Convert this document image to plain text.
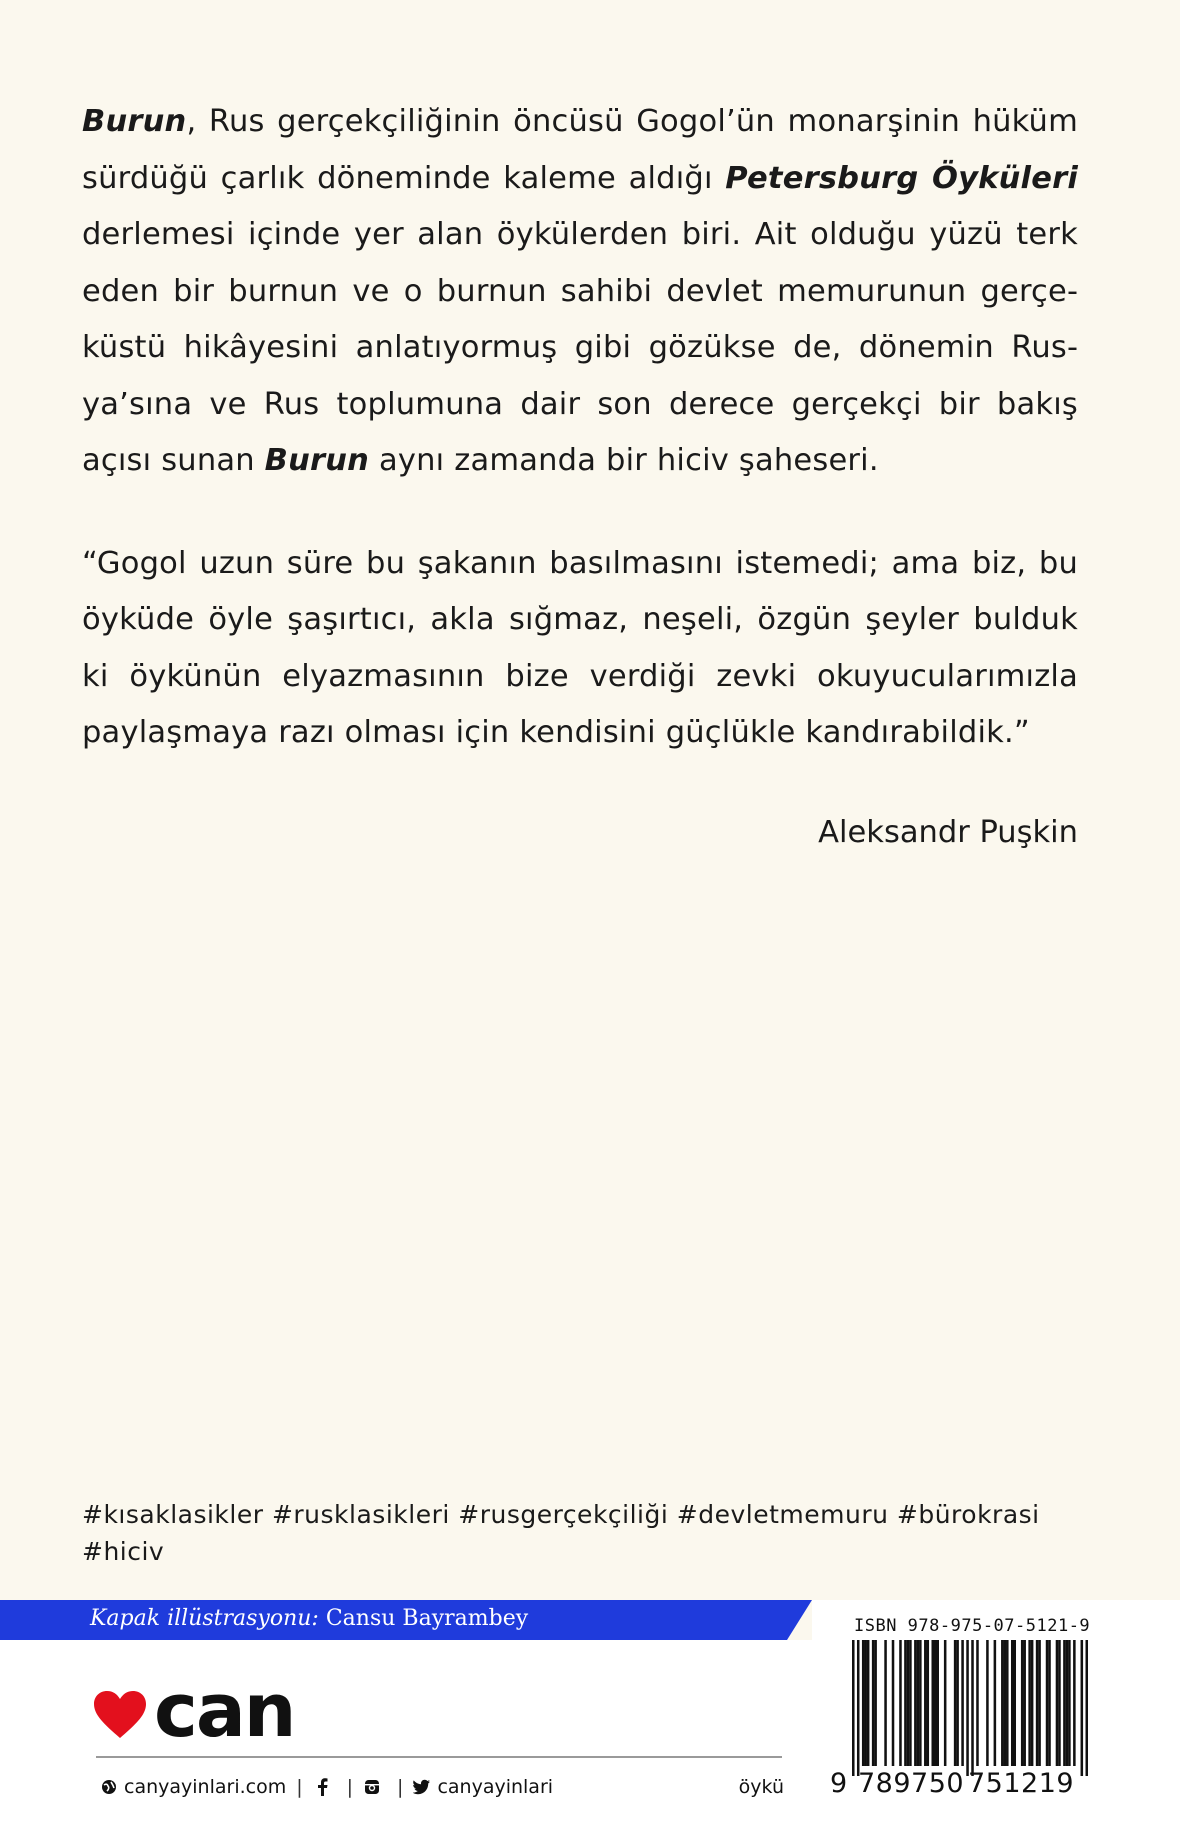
Burun, Rus gerçekçiliğinin öncüsü Gogol’ün monarşinin hüküm sürdüğü çarlık döneminde kaleme aldığı Petersburg Öyküleri derlemesi içinde yer alan öykülerden biri. Ait olduğu yüzü terk eden bir burnun ve o burnun sahibi devlet memurunun gerçeküstü hikâyesini anlatıyormuş gibi gözükse de, dönemin Rusya’sına ve Rus toplumuna dair son derece gerçekçi bir bakış açısı sunan Burun aynı zamanda bir hiciv şaheseri.
“Gogol uzun süre bu şakanın basılmasını istemedi; ama biz, bu öyküde öyle şaşırtıcı, akla sığmaz, neşeli, özgün şeyler bulduk ki öykünün elyazmasının bize verdiği zevki okuyucularımızla paylaşmaya razı olması için kendisini güçlükle kandırabildik.”
Aleksandr Puşkin
#kısaklasikler #rusklasikleri #rusgerçekçiliği #devletmemuru #bürokrasi #hiciv
Kapak illüstrasyonu: Cansu Bayrambey
can
canyayinlari.com | | | canyayinlari	öykü
ISBN 978-975-07-5121-9
9 789750 751219
